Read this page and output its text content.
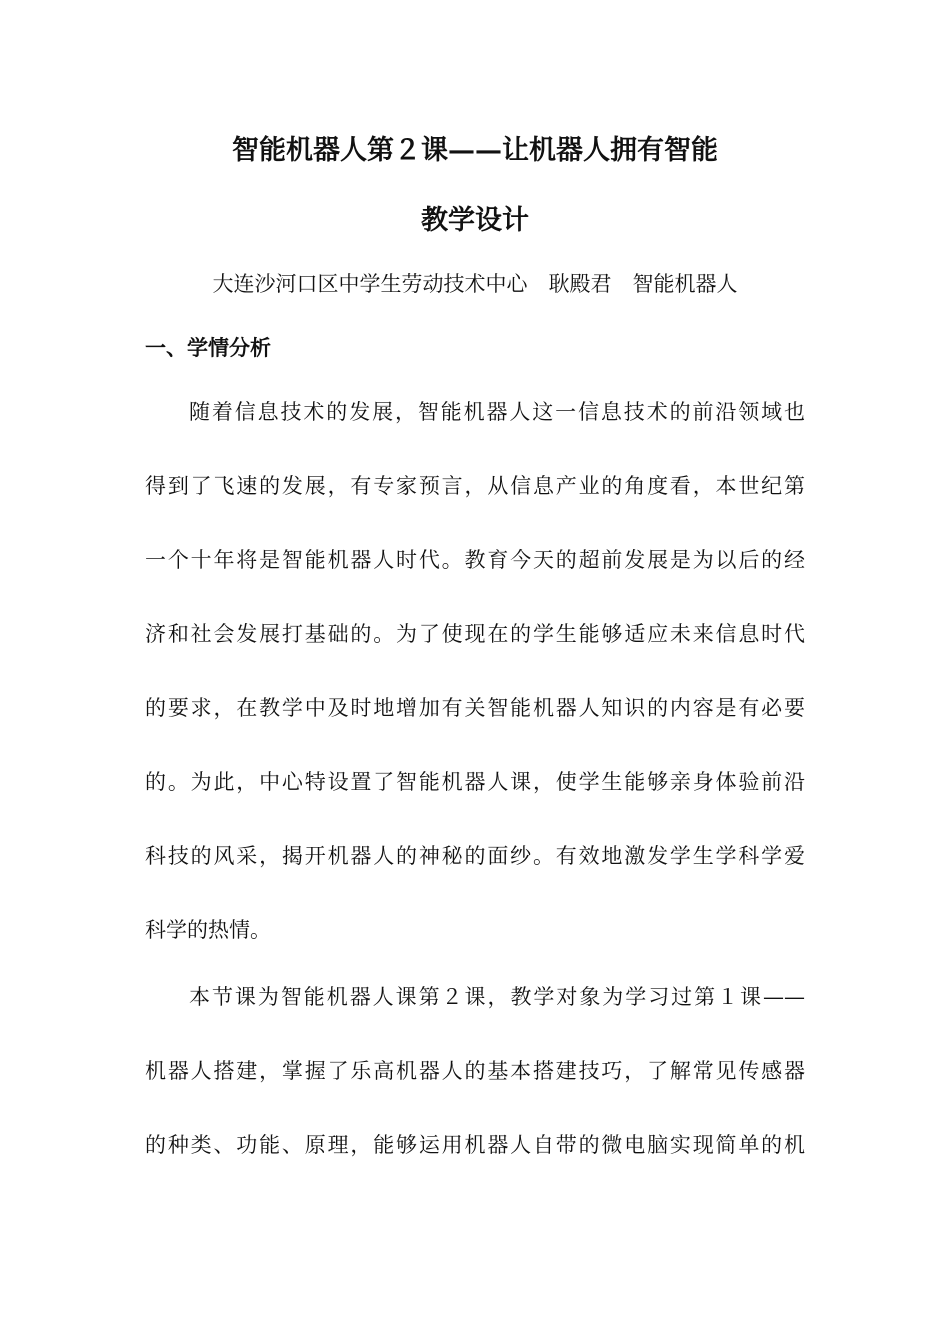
智能机器人第２课——让机器人拥有智能
教学设计

大连沙河口区中学生劳动技术中心　耿殿君　智能机器人

一、学情分析

随着信息技术的发展，智能机器人这一信息技术的前沿领域也

得到了飞速的发展，有专家预言，从信息产业的角度看，本世纪第

一个十年将是智能机器人时代。教育今天的超前发展是为以后的经

济和社会发展打基础的。为了使现在的学生能够适应未来信息时代

的要求，在教学中及时地增加有关智能机器人知识的内容是有必要

的。为此，中心特设置了智能机器人课，使学生能够亲身体验前沿

科技的风采，揭开机器人的神秘的面纱。有效地激发学生学科学爱

科学的热情。

本节课为智能机器人课第２课，教学对象为学习过第１课——

机器人搭建，掌握了乐高机器人的基本搭建技巧，了解常见传感器

的种类、功能、原理，能够运用机器人自带的微电脑实现简单的机
